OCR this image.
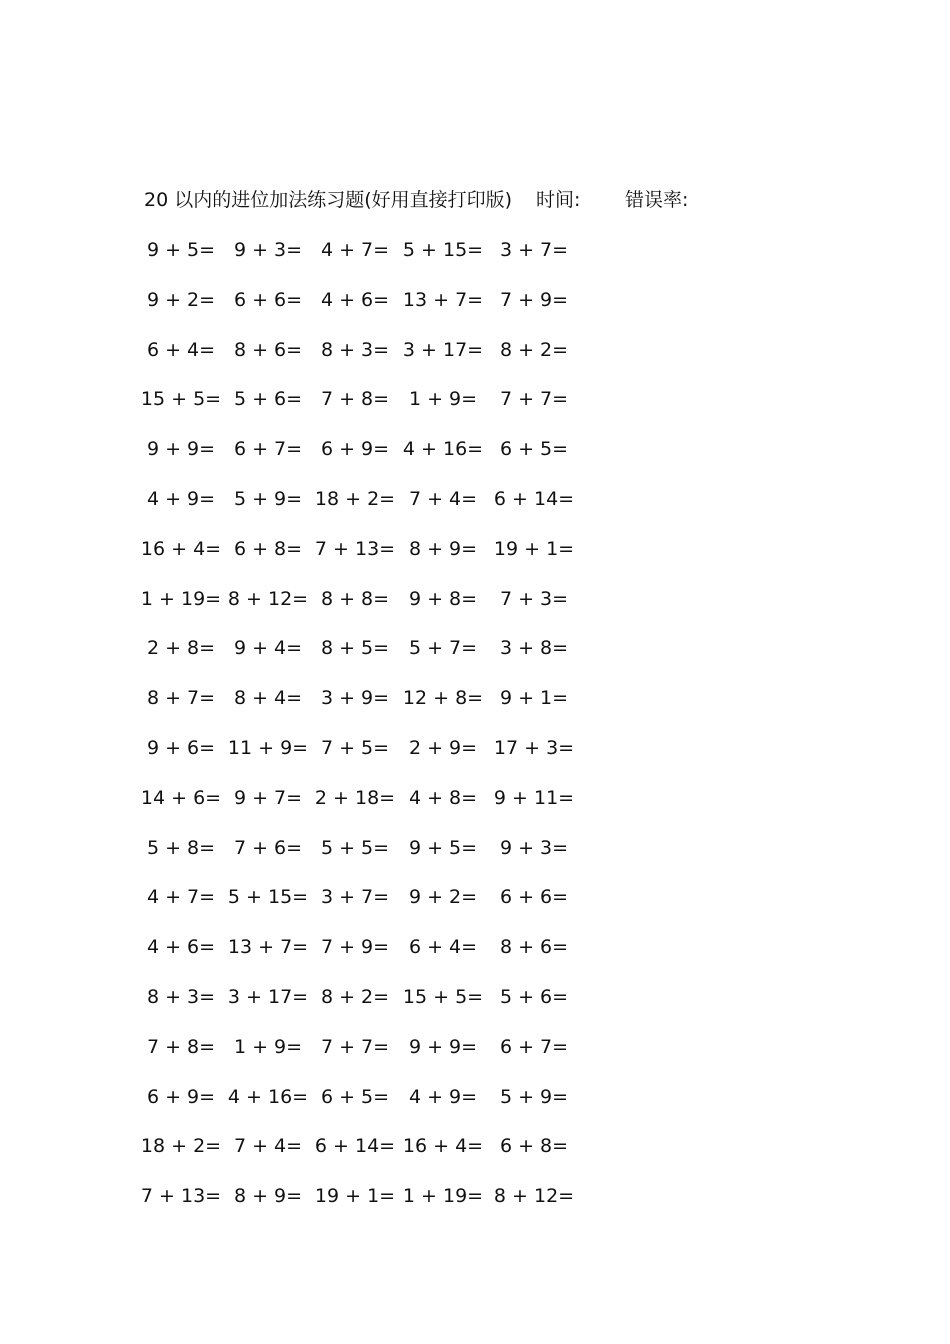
20 以内的进位加法练习题(好用直接打印版) 时间: 错误率:
9 + 5= 9 + 3= 4 + 7= 5 + 15= 3 + 7=
9 + 2= 6 + 6= 4 + 6= 13 + 7= 7 + 9=
6 + 4= 8 + 6= 8 + 3= 3 + 17= 8 + 2=
15 + 5= 5 + 6= 7 + 8=	1 + 9=	7 + 7=
9 + 9= 6 + 7= 6 + 9= 4 + 16= 6 + 5=
4 + 9= 5 + 9= 18 + 2= 7 + 4= 6 + 14=
16 + 4= 6 + 8= 7 + 13= 8 + 9= 19 + 1=
1 + 19= 8 + 12= 8 + 8=	9 + 8=	7 + 3=
2 + 8= 9 + 4= 8 + 5=	5 + 7=	3 + 8=
8 + 7= 8 + 4= 3 + 9= 12 + 8= 9 + 1=
9 + 6= 11 + 9= 7 + 5=	2 + 9= 17 + 3=
14 + 6= 9 + 7= 2 + 18= 4 + 8= 9 + 11=
5 + 8= 7 + 6= 5 + 5=	9 + 5=	9 + 3=
4 + 7= 5 + 15= 3 + 7=	9 + 2=	6 + 6=
4 + 6= 13 + 7= 7 + 9=	6 + 4=	8 + 6=
8 + 3= 3 + 17= 8 + 2= 15 + 5= 5 + 6=
7 + 8= 1 + 9= 7 + 7=	9 + 9=	6 + 7=
6 + 9= 4 + 16= 6 + 5=	4 + 9=	5 + 9=
18 + 2= 7 + 4= 6 + 14= 16 + 4= 6 + 8=
7 + 13= 8 + 9= 19 + 1= 1 + 19= 8 + 12=
